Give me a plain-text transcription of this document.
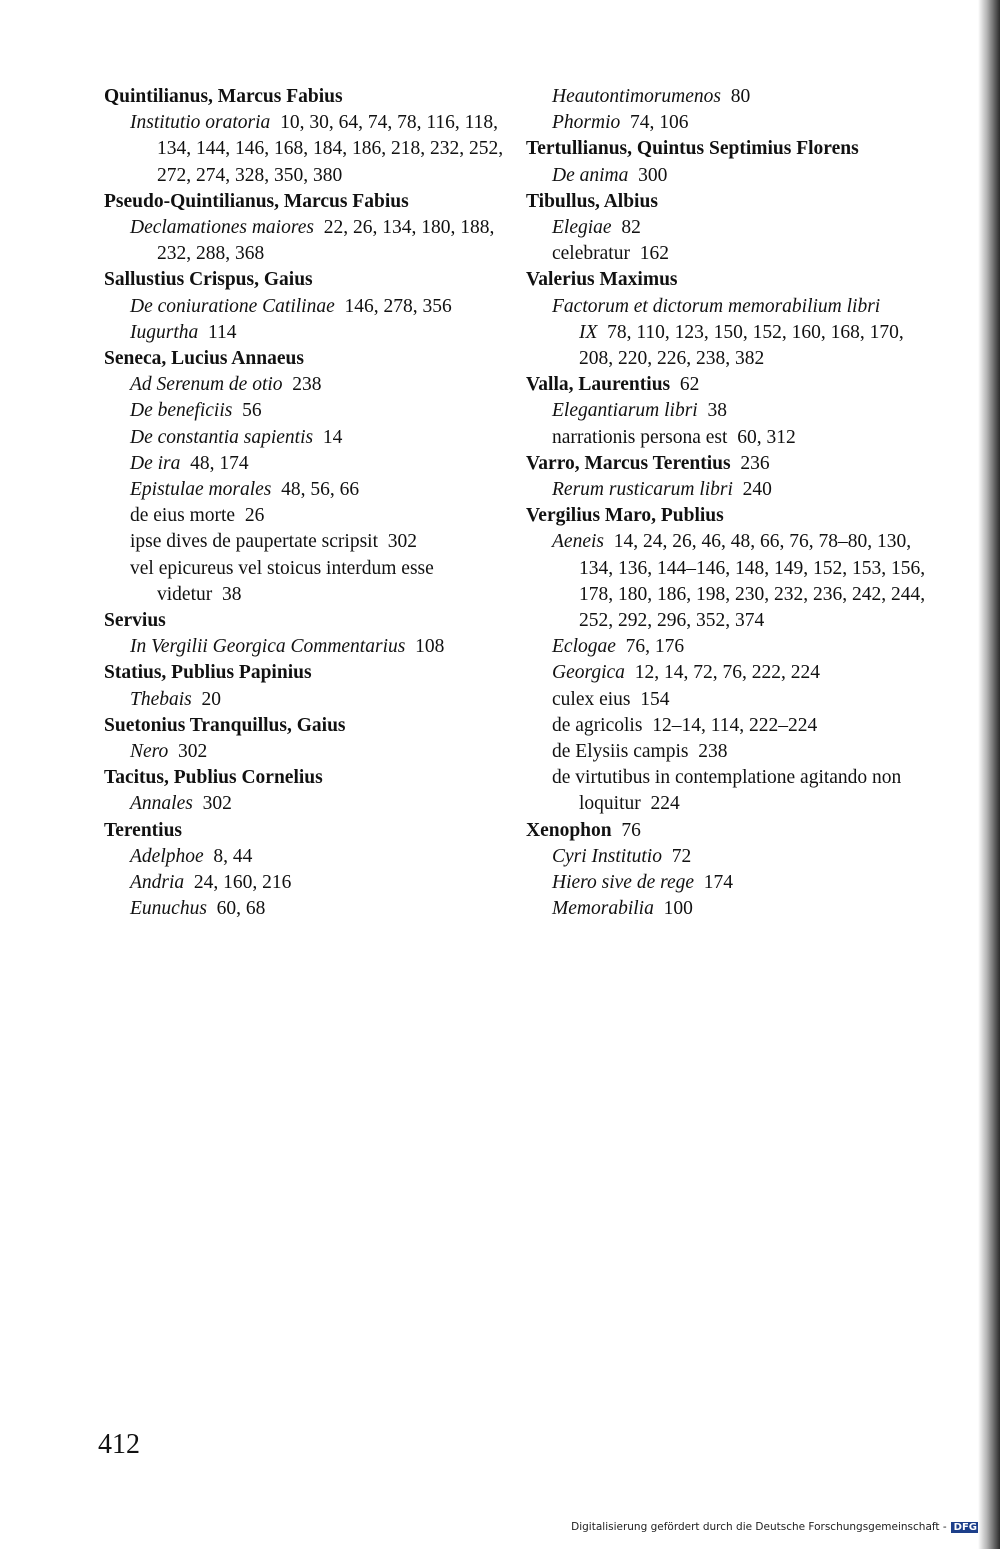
Quintilianus, Marcus Fabius
Institutio oratoria 10, 30, 64, 74, 78, 116, 118, 134, 144, 146, 168, 184, 186, 218, 232, 252, 272, 274, 328, 350, 380
Pseudo-Quintilianus, Marcus Fabius
Declamationes maiores 22, 26, 134, 180, 188, 232, 288, 368
Sallustius Crispus, Gaius
De coniuratione Catilinae 146, 278, 356
Iugurtha 114
Seneca, Lucius Annaeus
Ad Serenum de otio 238
De beneficiis 56
De constantia sapientis 14
De ira 48, 174
Epistulae morales 48, 56, 66
de eius morte 26
ipse dives de paupertate scripsit 302
vel epicureus vel stoicus interdum esse videtur 38
Servius
In Vergilii Georgica Commentarius 108
Statius, Publius Papinius
Thebais 20
Suetonius Tranquillus, Gaius
Nero 302
Tacitus, Publius Cornelius
Annales 302
Terentius
Adelphoe 8, 44
Andria 24, 160, 216
Eunuchus 60, 68
Heautontimorumenos 80
Phormio 74, 106
Tertullianus, Quintus Septimius Florens
De anima 300
Tibullus, Albius
Elegiae 82
celebratur 162
Valerius Maximus
Factorum et dictorum memorabilium libri IX 78, 110, 123, 150, 152, 160, 168, 170, 208, 220, 226, 238, 382
Valla, Laurentius 62
Elegantiarum libri 38
narrationis persona est 60, 312
Varro, Marcus Terentius 236
Rerum rusticarum libri 240
Vergilius Maro, Publius
Aeneis 14, 24, 26, 46, 48, 66, 76, 78–80, 130, 134, 136, 144–146, 148, 149, 152, 153, 156, 178, 180, 186, 198, 230, 232, 236, 242, 244, 252, 292, 296, 352, 374
Eclogae 76, 176
Georgica 12, 14, 72, 76, 222, 224
culex eius 154
de agricolis 12–14, 114, 222–224
de Elysiis campis 238
de virtutibus in contemplatione agitando non loquitur 224
Xenophon 76
Cyri Institutio 72
Hiero sive de rege 174
Memorabilia 100
412
Digitalisierung gefördert durch die Deutsche Forschungsgemeinschaft - DFG
